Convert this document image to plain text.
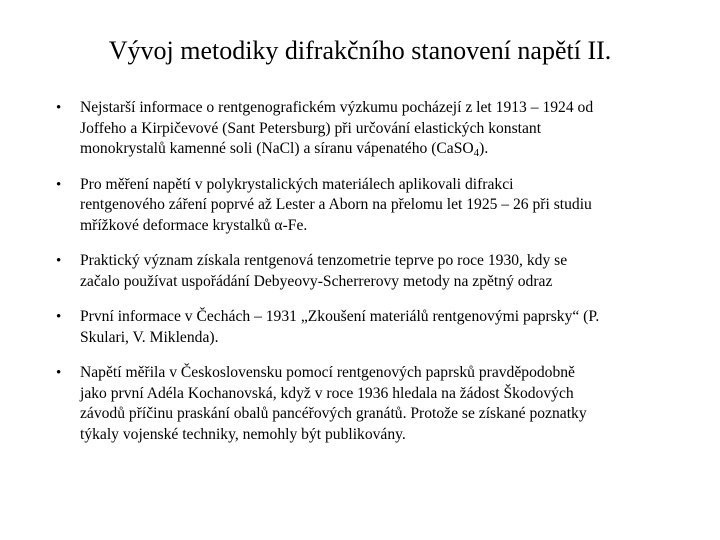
Vývoj metodiky difrakčního stanovení napětí II.
•	Nejstarší informace o rentgenografickém výzkumu pocházejí z let 1913 – 1924 od
Joffeho a Kirpičevové (Sant Petersburg) při určování elastických konstant
monokrystalů kamenné soli (NaCl) a síranu vápenatého (CaSO$_4$).
•	Pro měření napětí v polykrystalických materiálech aplikovali difrakci
rentgenového záření poprvé až Lester a Aborn na přelomu let 1925 – 26 při studiu
mřížkové deformace krystalků α-Fe.
•	Praktický význam získala rentgenová tenzometrie teprve po roce 1930, kdy se
začalo používat uspořádání Debyeovy-Scherrerovy metody na zpětný odraz
•	První informace v Čechách – 1931 „Zkoušení materiálů rentgenovými paprsky“ (P.
Skulari, V. Miklenda).
•	Napětí měřila v Československu pomocí rentgenových paprsků pravděpodobně
jako první Adéla Kochanovská, když v roce 1936 hledala na žádost Škodových
závodů příčinu praskání obalů pancéřových granátů. Protože se získané poznatky
týkaly vojenské techniky, nemohly být publikovány.
